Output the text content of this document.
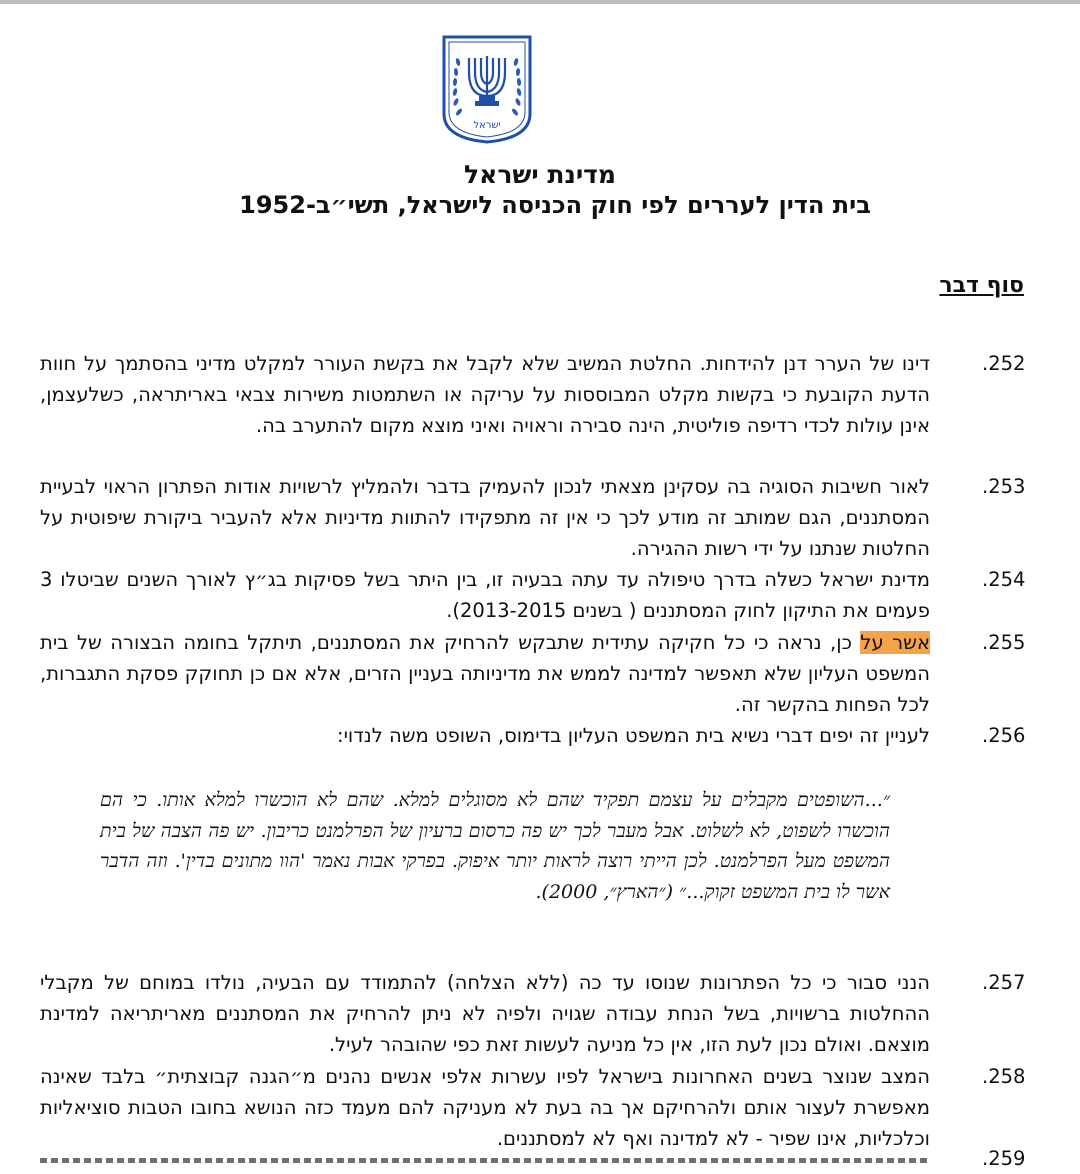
ישראל
מדינת ישראל
בית הדין לעררים לפי חוק הכניסה לישראל, תשי״ב-1952
סוף דבר
.252

דינו של הערר דנן להידחות. החלטת המשיב שלא לקבל את בקשת העורר למקלט מדיני בהסתמך על חוות הדעת הקובעת כי בקשות מקלט המבוססות על עריקה או השתמטות משירות צבאי באריתראה, כשלעצמן, אינן עולות לכדי רדיפה פוליטית, הינה סבירה וראויה ואיני מוצא מקום להתערב בה.

.253

לאור חשיבות הסוגיה בה עסקינן מצאתי לנכון להעמיק בדבר ולהמליץ לרשויות אודות הפתרון הראוי לבעיית המסתננים, הגם שמותב זה מודע לכך כי אין זה מתפקידו להתוות מדיניות אלא להעביר ביקורת שיפוטית על החלטות שנתנו על ידי רשות ההגירה.

.254

מדינת ישראל כשלה בדרך טיפולה עד עתה בבעיה זו, בין היתר בשל פסיקות בג״ץ לאורך השנים שביטלו 3 פעמים את התיקון לחוק המסתננים ( בשנים 2013-2015).

.255

אשר על כן, נראה כי כל חקיקה עתידית שתבקש להרחיק את המסתננים, תיתקל בחומה הבצורה של בית המשפט העליון שלא תאפשר למדינה לממש את מדיניותה בעניין הזרים, אלא אם כן תחוקק פסקת התגברות, לכל הפחות בהקשר זה.

.256

לעניין זה יפים דברי נשיא בית המשפט העליון בדימוס, השופט משה לנדוי:

״...השופטים מקבלים על עצמם תפקיד שהם לא מסוגלים למלא. שהם לא הוכשרו למלא אותו. כי הם הוכשרו לשפוט, לא לשלוט. אבל מעבר לכך יש פה כרסום ברעיון של הפרלמנט כריבון. יש פה הצבה של בית המשפט מעל הפרלמנט. לכן הייתי רוצה לראות יותר איפוק. בפרקי אבות נאמר 'הוו מתונים בדין'. וזה הדבר אשר לו בית המשפט זקוק...״ (״הארץ״, 2000).

.257

הנני סבור כי כל הפתרונות שנוסו עד כה (ללא הצלחה) להתמודד עם הבעיה, נולדו במוחם של מקבלי ההחלטות ברשויות, בשל הנחת עבודה שגויה ולפיה לא ניתן להרחיק את המסתננים מאריתריאה למדינת מוצאם. ואולם נכון לעת הזו, אין כל מניעה לעשות זאת כפי שהובהר לעיל.

.258

המצב שנוצר בשנים האחרונות בישראל לפיו עשרות אלפי אנשים נהנים מ״הגנה קבוצתית״ בלבד שאינה מאפשרת לעצור אותם ולהרחיקם אך בה בעת לא מעניקה להם מעמד כזה הנושא בחובו הטבות סוציאליות וכלכליות, אינו שפיר - לא למדינה ואף לא למסתננים.

.259
